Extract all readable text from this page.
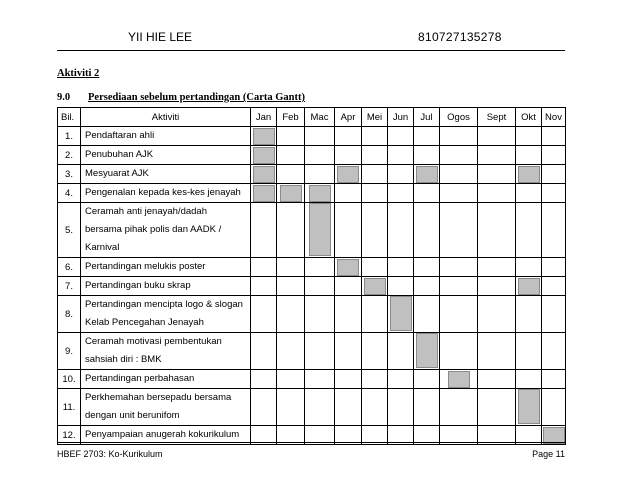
YII HIE LEE	810727135278
Aktiviti 2
9.0 Persediaan sebelum pertandingan (Carta Gantt)
Bil.	Aktiviti	Jan	Feb	Mac	Apr	Mei	Jun	Jul	Ogos	Sept	Okt	Nov
1.	Pendaftaran ahli											

2.	Penubuhan AJK											

3.	Mesyuarat AJK											

4.	Pengenalan kepada kes-kes jenayah											

5.	Ceramah anti jenayah/dadah
bersama pihak polis dan AADK /
Karnival											

6.	Pertandingan melukis poster											

7.	Pertandingan buku skrap											

8.	Pertandingan mencipta logo & slogan
Kelab Pencegahan Jenayah											

9.	Ceramah motivasi pembentukan
sahsiah diri : BMK											

10.	Pertandingan perbahasan											

11.	Perkhemahan bersepadu bersama
dengan unit berunifom											

12.	Penyampaian anugerah kokurikulum											

HBEF 2703: Ko-Kurikulum	Page 11
